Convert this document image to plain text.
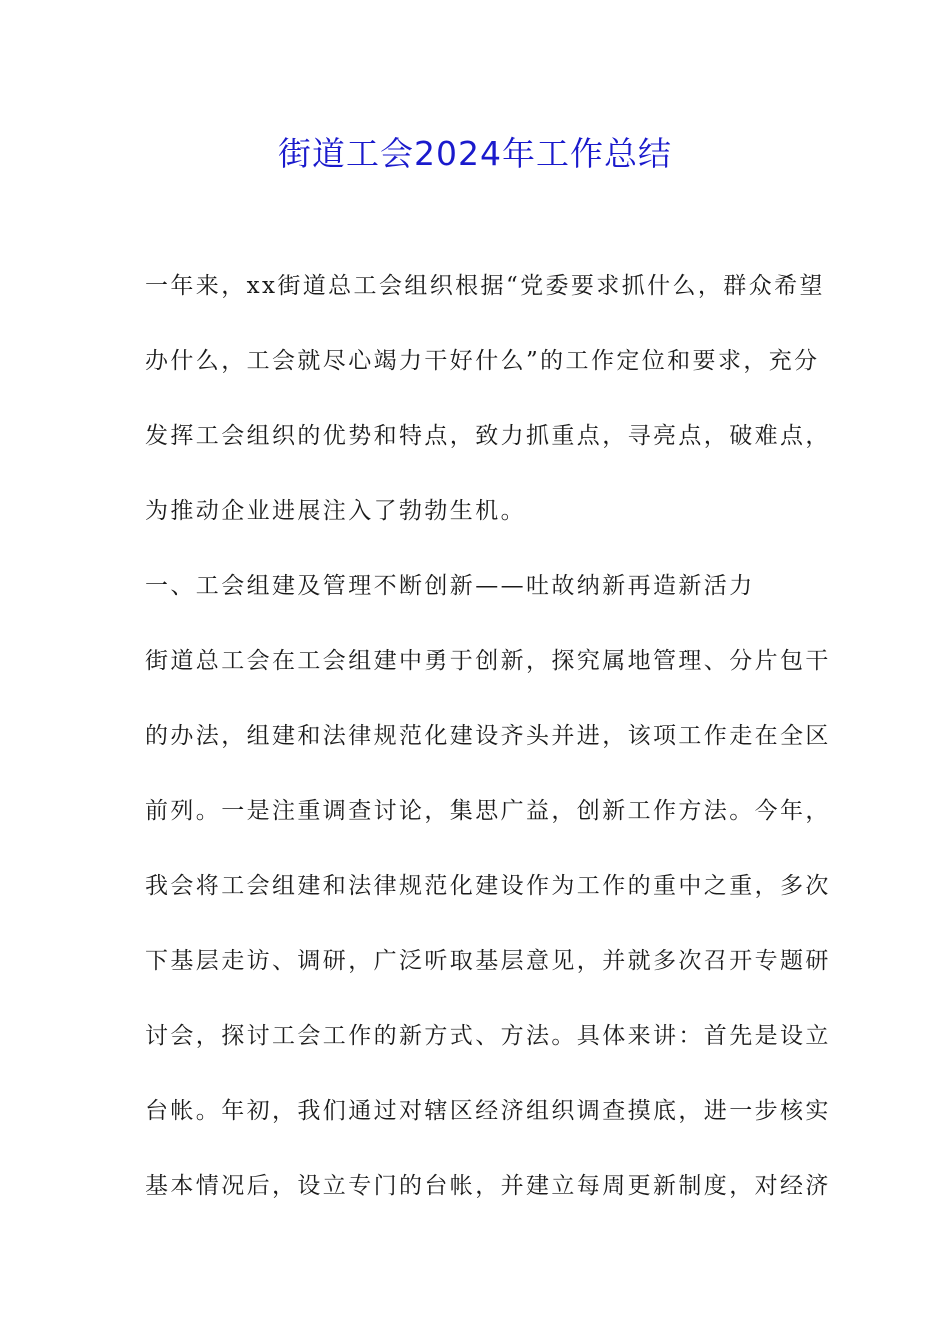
街道工会2024年工作总结
一年来，xx街道总工会组织根据“党委要求抓什么，群众希望
办什么，工会就尽心竭力干好什么”的工作定位和要求，充分
发挥工会组织的优势和特点，致力抓重点，寻亮点，破难点，
为推动企业进展注入了勃勃生机。
一、工会组建及管理不断创新——吐故纳新再造新活力
街道总工会在工会组建中勇于创新，探究属地管理、分片包干
的办法，组建和法律规范化建设齐头并进，该项工作走在全区
前列。一是注重调查讨论，集思广益，创新工作方法。今年，
我会将工会组建和法律规范化建设作为工作的重中之重，多次
下基层走访、调研，广泛听取基层意见，并就多次召开专题研
讨会，探讨工会工作的新方式、方法。具体来讲：首先是设立
台帐。年初，我们通过对辖区经济组织调查摸底，进一步核实
基本情况后，设立专门的台帐，并建立每周更新制度，对经济
